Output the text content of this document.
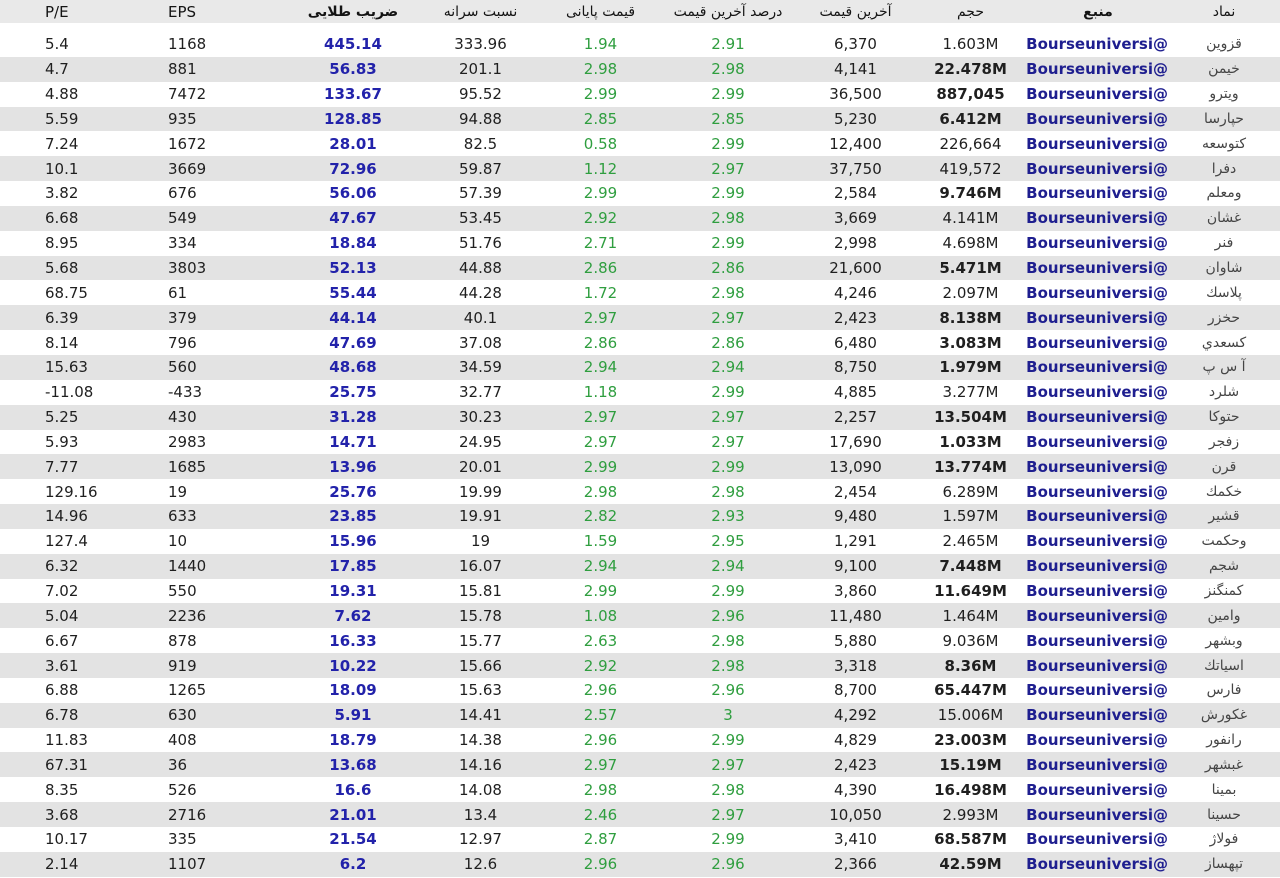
نماد	منبع	حجم	آخرین قیمت	درصد آخرین قیمت	قیمت پایانی	نسبت سرانه	ضریب طلایی	EPS	P/E
قزوین	@Bourseuniversi	1.603M	6,370	2.91	1.94	333.96	445.14	1168	5.4
خیمن	@Bourseuniversi	22.478M	4,141	2.98	2.98	201.1	56.83	881	4.7
ویترو	@Bourseuniversi	887,045	36,500	2.99	2.99	95.52	133.67	7472	4.88
حپارسا	@Bourseuniversi	6.412M	5,230	2.85	2.85	94.88	128.85	935	5.59
کتوسعه	@Bourseuniversi	226,664	12,400	2.99	0.58	82.5	28.01	1672	7.24
دفرا	@Bourseuniversi	419,572	37,750	2.97	1.12	59.87	72.96	3669	10.1
ومعلم	@Bourseuniversi	9.746M	2,584	2.99	2.99	57.39	56.06	676	3.82
غشان	@Bourseuniversi	4.141M	3,669	2.98	2.92	53.45	47.67	549	6.68
فنر	@Bourseuniversi	4.698M	2,998	2.99	2.71	51.76	18.84	334	8.95
شاوان	@Bourseuniversi	5.471M	21,600	2.86	2.86	44.88	52.13	3803	5.68
پلاسك	@Bourseuniversi	2.097M	4,246	2.98	1.72	44.28	55.44	61	68.75
حخزر	@Bourseuniversi	8.138M	2,423	2.97	2.97	40.1	44.14	379	6.39
كسعدي	@Bourseuniversi	3.083M	6,480	2.86	2.86	37.08	47.69	796	8.14
آ س پ	@Bourseuniversi	1.979M	8,750	2.94	2.94	34.59	48.68	560	15.63
شلرد	@Bourseuniversi	3.277M	4,885	2.99	1.18	32.77	25.75	-433	-11.08
حتوكا	@Bourseuniversi	13.504M	2,257	2.97	2.97	30.23	31.28	430	5.25
زفجر	@Bourseuniversi	1.033M	17,690	2.97	2.97	24.95	14.71	2983	5.93
قرن	@Bourseuniversi	13.774M	13,090	2.99	2.99	20.01	13.96	1685	7.77
خكمك	@Bourseuniversi	6.289M	2,454	2.98	2.98	19.99	25.76	19	129.16
قشير	@Bourseuniversi	1.597M	9,480	2.93	2.82	19.91	23.85	633	14.96
وحكمت	@Bourseuniversi	2.465M	1,291	2.95	1.59	19	15.96	10	127.4
شجم	@Bourseuniversi	7.448M	9,100	2.94	2.94	16.07	17.85	1440	6.32
كمنگنز	@Bourseuniversi	11.649M	3,860	2.99	2.99	15.81	19.31	550	7.02
وامين	@Bourseuniversi	1.464M	11,480	2.96	1.08	15.78	7.62	2236	5.04
وبشهر	@Bourseuniversi	9.036M	5,880	2.98	2.63	15.77	16.33	878	6.67
اسياتك	@Bourseuniversi	8.36M	3,318	2.98	2.92	15.66	10.22	919	3.61
فارس	@Bourseuniversi	65.447M	8,700	2.96	2.96	15.63	18.09	1265	6.88
غكورش	@Bourseuniversi	15.006M	4,292	3	2.57	14.41	5.91	630	6.78
رانفور	@Bourseuniversi	23.003M	4,829	2.99	2.96	14.38	18.79	408	11.83
غبشهر	@Bourseuniversi	15.19M	2,423	2.97	2.97	14.16	13.68	36	67.31
بمينا	@Bourseuniversi	16.498M	4,390	2.98	2.98	14.08	16.6	526	8.35
حسينا	@Bourseuniversi	2.993M	10,050	2.97	2.46	13.4	21.01	2716	3.68
فولاژ	@Bourseuniversi	68.587M	3,410	2.99	2.87	12.97	21.54	335	10.17
تپهساز	@Bourseuniversi	42.59M	2,366	2.96	2.96	12.6	6.2	1107	2.14
